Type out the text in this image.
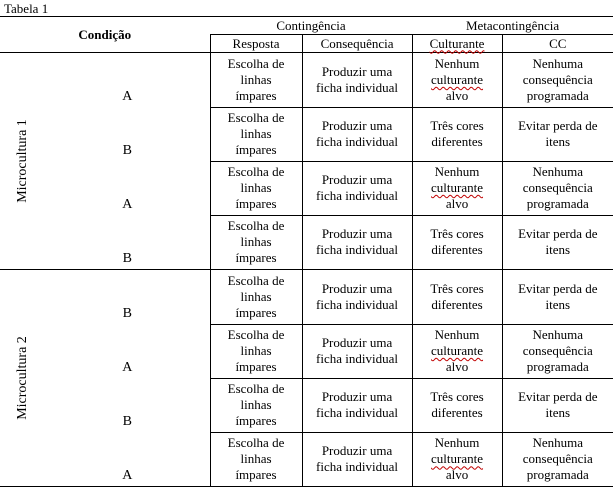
Tabela 1
Condição		Contingência		Metacontingência	
		Resposta	Consequência	Culturante	CC

Microcultura 1	A	Escolha de
linhas
ímpares	Produzir uma
ficha individual	Nenhum
culturante
alvo	Nenhuma
consequência
programada

	B	Escolha de
linhas
ímpares	Produzir uma
ficha individual	Três cores
diferentes	Evitar perda de
itens

	A	Escolha de
linhas
ímpares	Produzir uma
ficha individual	Nenhum
culturante
alvo	Nenhuma
consequência
programada

	B	Escolha de
linhas
ímpares	Produzir uma
ficha individual	Três cores
diferentes	Evitar perda de
itens

Microcultura 2	B	Escolha de
linhas
ímpares	Produzir uma
ficha individual	Três cores
diferentes	Evitar perda de
itens

	A	Escolha de
linhas
ímpares	Produzir uma
ficha individual	Nenhum
culturante
alvo	Nenhuma
consequência
programada

	B	Escolha de
linhas
ímpares	Produzir uma
ficha individual	Três cores
diferentes	Evitar perda de
itens

	A	Escolha de
linhas
ímpares	Produzir uma
ficha individual	Nenhum
culturante
alvo	Nenhuma
consequência
programada
